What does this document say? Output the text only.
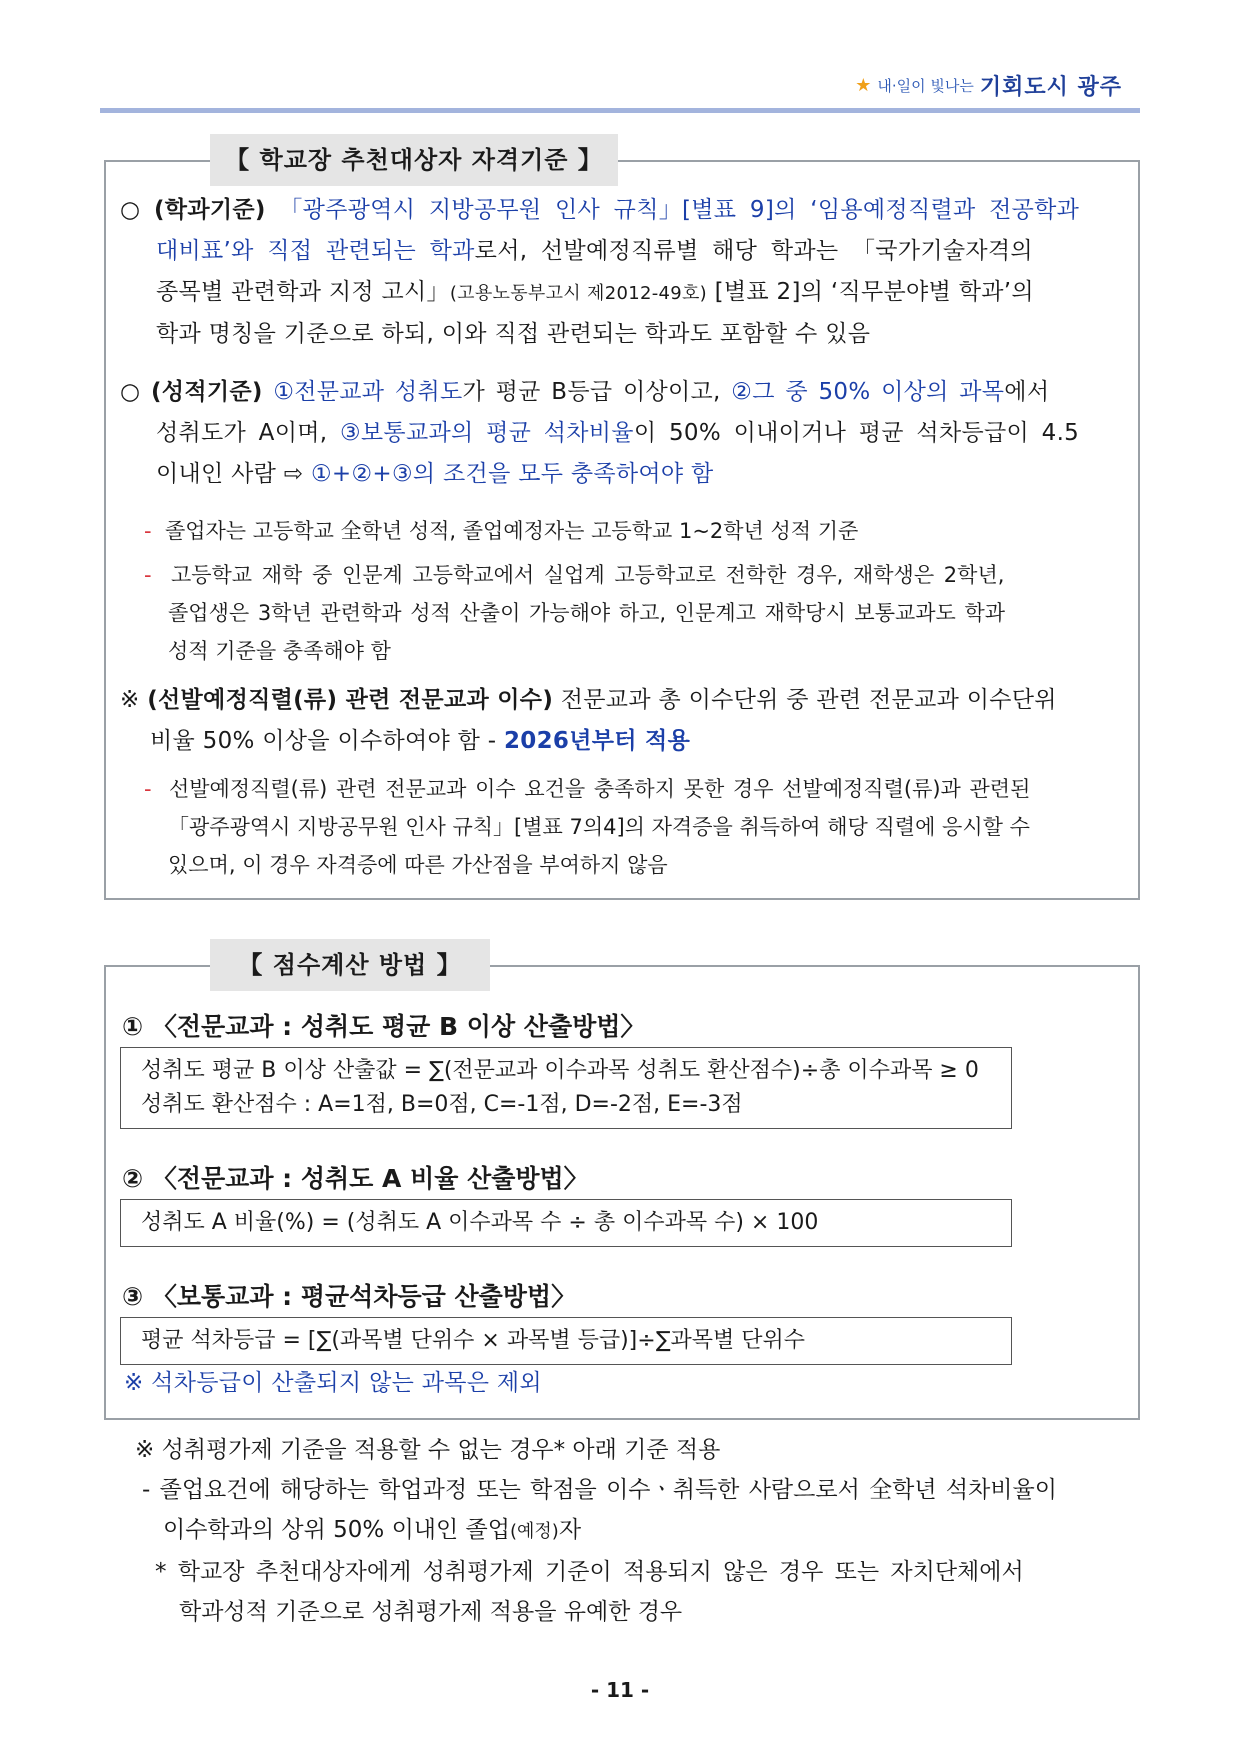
★ 내·일이 빛나는 기회도시 광주
【 학교장 추천대상자 자격기준 】
○ (학과기준) 「광주광역시 지방공무원 인사 규칙」[별표 9]의 ‘임용예정직렬과 전공학과
대비표’와 직접 관련되는 학과로서, 선발예정직류별 해당 학과는 「국가기술자격의
종목별 관련학과 지정 고시」(고용노동부고시 제2012-49호) [별표 2]의 ‘직무분야별 학과’의
학과 명칭을 기준으로 하되, 이와 직접 관련되는 학과도 포함할 수 있음
○ (성적기준) ①전문교과 성취도가 평균 B등급 이상이고, ②그 중 50% 이상의 과목에서
성취도가 A이며, ③보통교과의 평균 석차비율이 50% 이내이거나 평균 석차등급이 4.5
이내인 사람 ⇨ ①+②+③의 조건을 모두 충족하여야 함
- 졸업자는 고등학교 全학년 성적, 졸업예정자는 고등학교 1~2학년 성적 기준
- 고등학교 재학 중 인문계 고등학교에서 실업계 고등학교로 전학한 경우, 재학생은 2학년,
졸업생은 3학년 관련학과 성적 산출이 가능해야 하고, 인문계고 재학당시 보통교과도 학과
성적 기준을 충족해야 함
※ (선발예정직렬(류) 관련 전문교과 이수) 전문교과 총 이수단위 중 관련 전문교과 이수단위
비율 50% 이상을 이수하여야 함 - 2026년부터 적용
- 선발예정직렬(류) 관련 전문교과 이수 요건을 충족하지 못한 경우 선발예정직렬(류)과 관련된
「광주광역시 지방공무원 인사 규칙」[별표 7의4]의 자격증을 취득하여 해당 직렬에 응시할 수
있으며, 이 경우 자격증에 따른 가산점을 부여하지 않음
【 점수계산 방법 】
① 〈전문교과 : 성취도 평균 B 이상 산출방법〉
성취도 평균 B 이상 산출값 = ∑(전문교과 이수과목 성취도 환산점수)÷총 이수과목 ≥ 0
성취도 환산점수 : A=1점, B=0점, C=-1점, D=-2점, E=-3점
② 〈전문교과 : 성취도 A 비율 산출방법〉
성취도 A 비율(%) = (성취도 A 이수과목 수 ÷ 총 이수과목 수) × 100
③ 〈보통교과 : 평균석차등급 산출방법〉
평균 석차등급 = [∑(과목별 단위수 × 과목별 등급)]÷∑과목별 단위수
※ 석차등급이 산출되지 않는 과목은 제외
※ 성취평가제 기준을 적용할 수 없는 경우* 아래 기준 적용
- 졸업요건에 해당하는 학업과정 또는 학점을 이수ㆍ취득한 사람으로서 全학년 석차비율이
이수학과의 상위 50% 이내인 졸업(예정)자
* 학교장 추천대상자에게 성취평가제 기준이 적용되지 않은 경우 또는 자치단체에서
학과성적 기준으로 성취평가제 적용을 유예한 경우
- 11 -
